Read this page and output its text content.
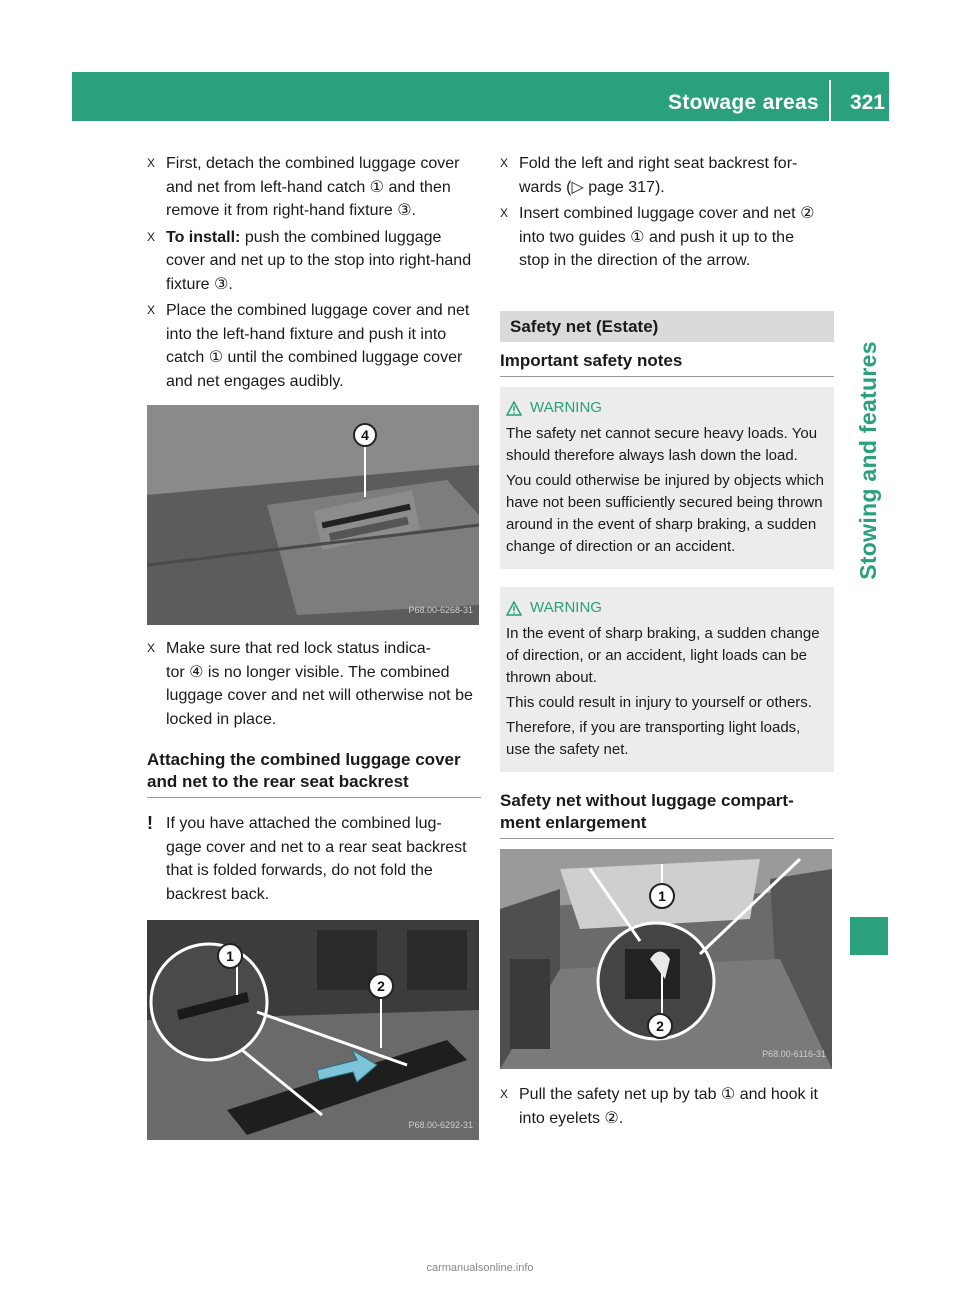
Stowage areas 321
Stowing and features
X First, detach the combined luggage cover
and net from left-hand catch ① and then
remove it from right-hand fixture ③.
X To install: push the combined luggage
cover and net up to the stop into right-hand
fixture ③.
X Place the combined luggage cover and net
into the left-hand fixture and push it into
catch ① until the combined luggage cover
and net engages audibly.
4
P68.00-6268-31
X Make sure that red lock status indica-
tor ④ is no longer visible. The combined
luggage cover and net will otherwise not be
locked in place.
Attaching the combined luggage cover
and net to the rear seat backrest
! If you have attached the combined lug-
gage cover and net to a rear seat backrest
that is folded forwards, do not fold the
backrest back.
1
2
P68.00-6292-31
X Fold the left and right seat backrest for-
wards (▷ page 317).
X Insert combined luggage cover and net ②
into two guides ① and push it up to the
stop in the direction of the arrow.
Safety net (Estate)
Important safety notes
WARNING

The safety net cannot secure heavy loads. You should therefore always lash down the load.

You could otherwise be injured by objects which have not been sufficiently secured being thrown around in the event of sharp braking, a sudden change of direction or an accident.

WARNING

In the event of sharp braking, a sudden change of direction, or an accident, light loads can be thrown about.

This could result in injury to yourself or others.

Therefore, if you are transporting light loads, use the safety net.

Safety net without luggage compart-
ment enlargement
1
2
P68.00-6116-31
X Pull the safety net up by tab ① and hook it
into eyelets ②.
carmanualsonline.info
